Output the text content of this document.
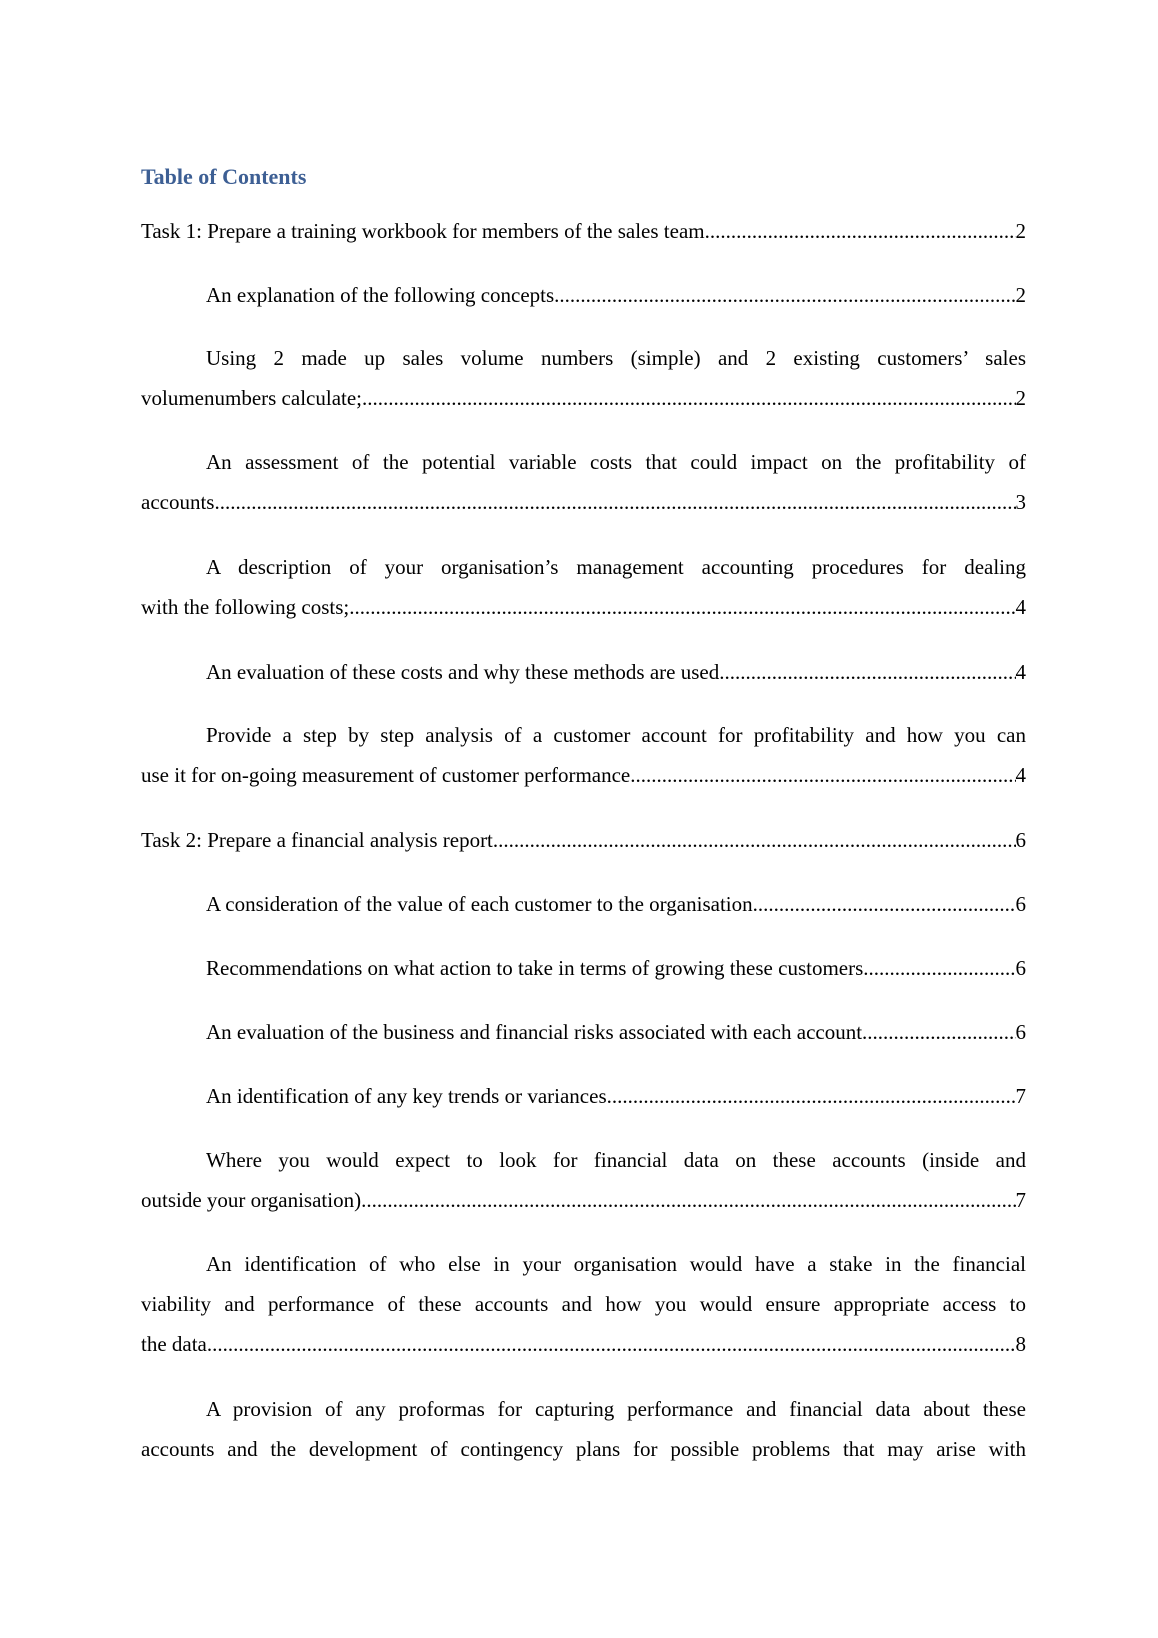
Table of Contents
Task 1: Prepare a training workbook for members of the sales team .....	2
An explanation of the following concepts .....	2
Using 2 made up sales volume numbers (simple) and 2 existing customers’ sales
volumenumbers calculate; .....	2
An assessment of the potential variable costs that could impact on the profitability of
accounts .....	3
A description of your organisation’s management accounting procedures for dealing
with the following costs; .....	4
An evaluation of these costs and why these methods are used .....	4
Provide a step by step analysis of a customer account for profitability and how you can
use it for on-going measurement of customer performance .....	4
Task 2: Prepare a financial analysis report .....	6
A consideration of the value of each customer to the organisation .....	6
Recommendations on what action to take in terms of growing these customers .....	6
An evaluation of the business and financial risks associated with each account .....	6
An identification of any key trends or variances .....	7
Where you would expect to look for financial data on these accounts (inside and
outside your organisation) .....	7
An identification of who else in your organisation would have a stake in the financial
viability and performance of these accounts and how you would ensure appropriate access to
the data .....	8
A provision of any proformas for capturing performance and financial data about these
accounts and the development of contingency plans for possible problems that may arise with
